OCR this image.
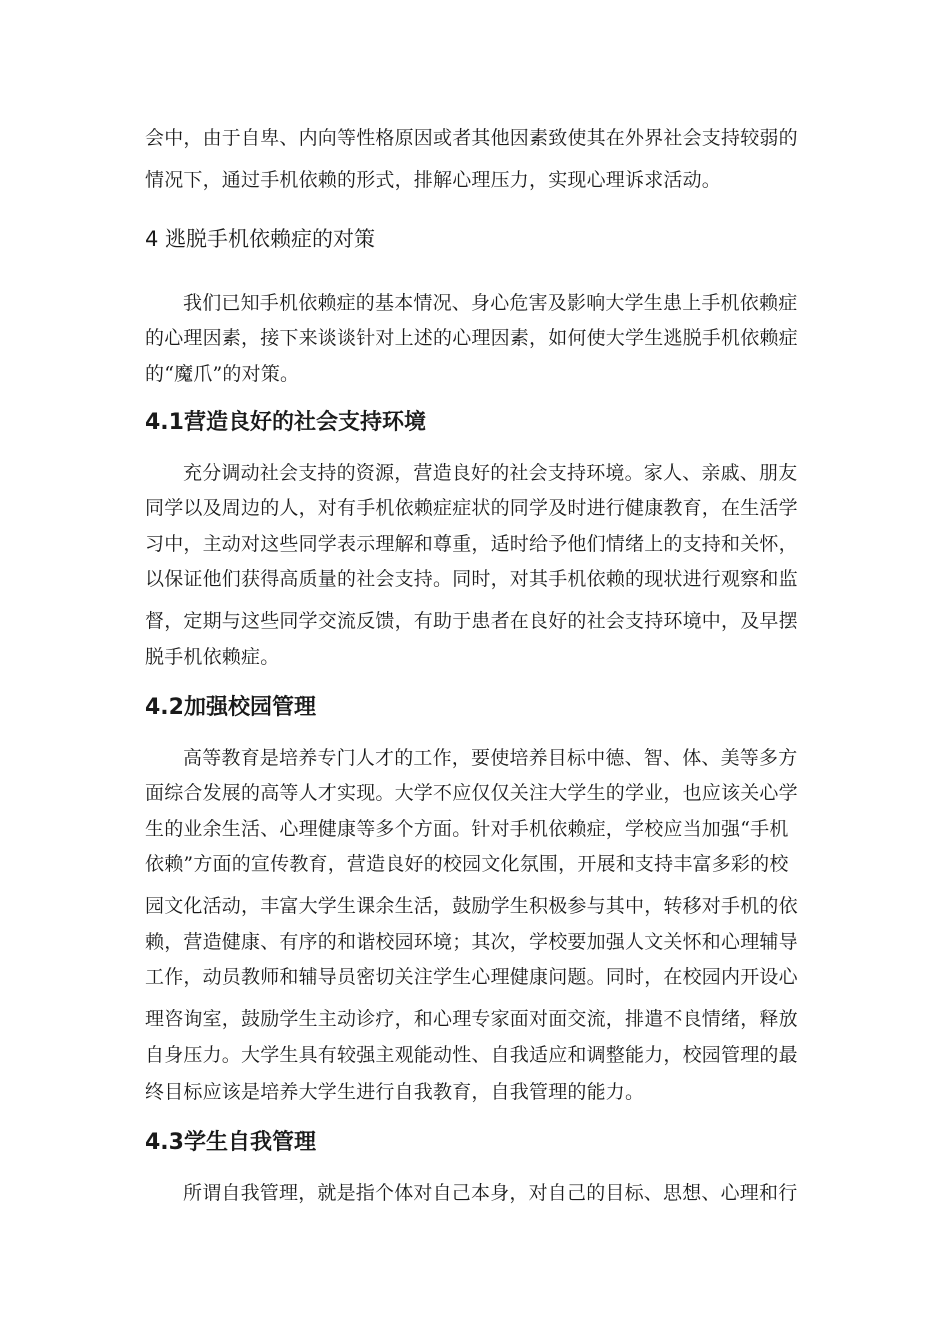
会中，由于自卑、内向等性格原因或者其他因素致使其在外界社会支持较弱的
情况下，通过手机依赖的形式，排解心理压力，实现心理诉求活动。
4 逃脱手机依赖症的对策
我们已知手机依赖症的基本情况、身心危害及影响大学生患上手机依赖症
的心理因素，接下来谈谈针对上述的心理因素，如何使大学生逃脱手机依赖症
的“魔爪”的对策。
4.1营造良好的社会支持环境
充分调动社会支持的资源，营造良好的社会支持环境。家人、亲戚、朋友
同学以及周边的人，对有手机依赖症症状的同学及时进行健康教育，在生活学
习中，主动对这些同学表示理解和尊重，适时给予他们情绪上的支持和关怀，
以保证他们获得高质量的社会支持。同时，对其手机依赖的现状进行观察和监
督，定期与这些同学交流反馈，有助于患者在良好的社会支持环境中，及早摆
脱手机依赖症。
4.2加强校园管理
高等教育是培养专门人才的工作，要使培养目标中德、智、体、美等多方
面综合发展的高等人才实现。大学不应仅仅关注大学生的学业，也应该关心学
生的业余生活、心理健康等多个方面。针对手机依赖症，学校应当加强“手机
依赖”方面的宣传教育，营造良好的校园文化氛围，开展和支持丰富多彩的校
园文化活动，丰富大学生课余生活，鼓励学生积极参与其中，转移对手机的依
赖，营造健康、有序的和谐校园环境；其次，学校要加强人文关怀和心理辅导
工作，动员教师和辅导员密切关注学生心理健康问题。同时，在校园内开设心
理咨询室，鼓励学生主动诊疗，和心理专家面对面交流，排遣不良情绪，释放
自身压力。大学生具有较强主观能动性、自我适应和调整能力，校园管理的最
终目标应该是培养大学生进行自我教育，自我管理的能力。
4.3学生自我管理
所谓自我管理，就是指个体对自己本身，对自己的目标、思想、心理和行
